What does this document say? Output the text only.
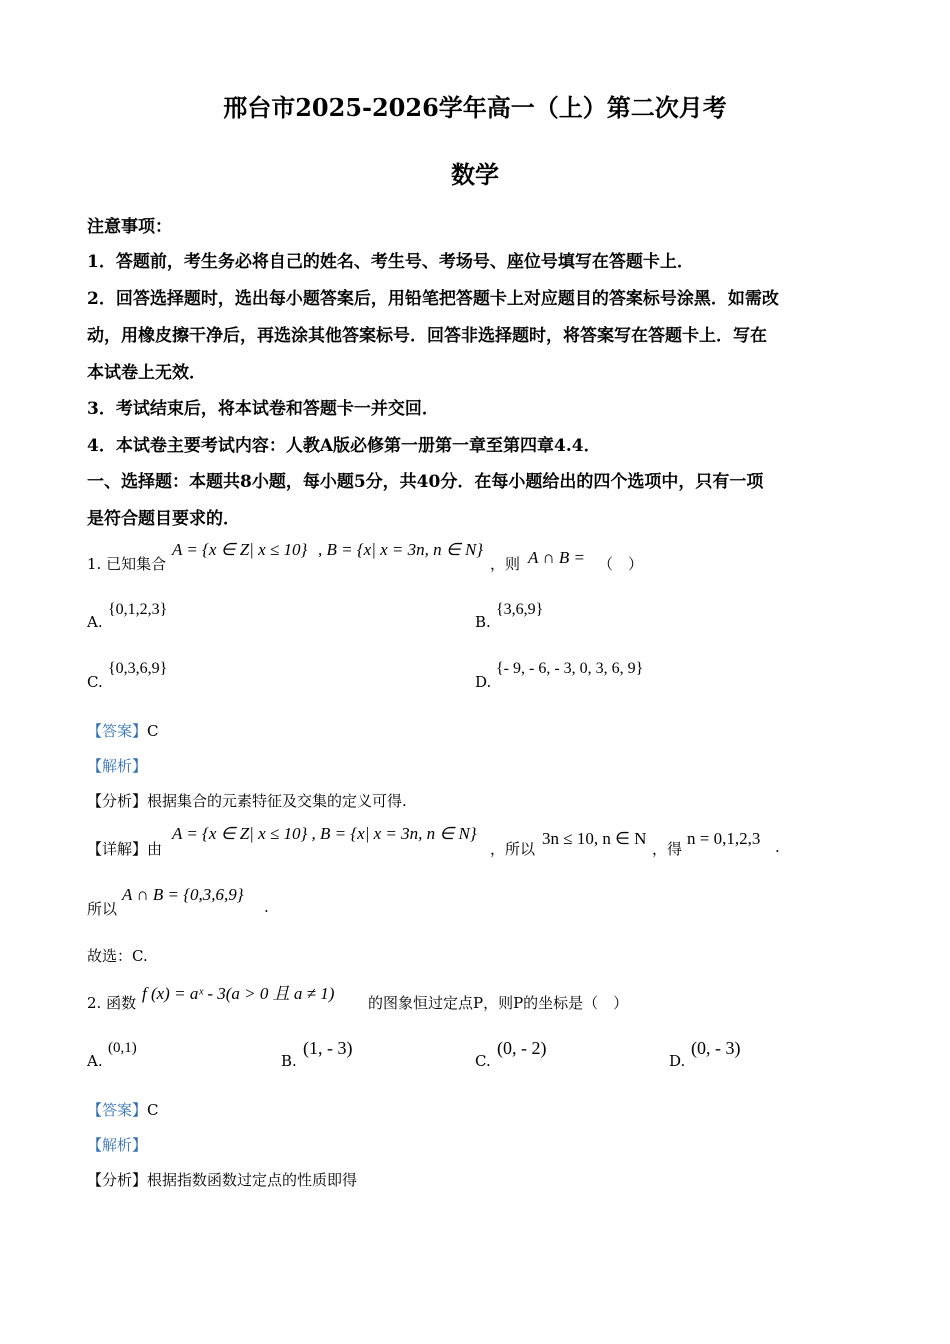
邢台市2025-2026学年高一（上）第二次月考
数学
注意事项：
1．答题前，考生务必将自己的姓名、考生号、考场号、座位号填写在答题卡上．
2．回答选择题时，选出每小题答案后，用铅笔把答题卡上对应题目的答案标号涂黑．如需改
动，用橡皮擦干净后，再选涂其他答案标号．回答非选择题时，将答案写在答题卡上．写在
本试卷上无效．
3．考试结束后，将本试卷和答题卡一并交回．
4．本试卷主要考试内容：人教A版必修第一册第一章至第四章4.4．
一、选择题：本题共8小题，每小题5分，共40分．在每小题给出的四个选项中，只有一项
是符合题目要求的．
1. 已知集合
A = {x ∈ Z| x ≤ 10} , B = {x| x = 3n, n ∈ N}
，则 A ∩ B = （　）
A.
{0,1,2,3}
B.
{3,6,9}
C.
{0,3,6,9}
D.
{- 9, - 6, - 3, 0, 3, 6, 9}
【答案】C
【解析】
【分析】根据集合的元素特征及交集的定义可得.
【详解】由
A = {x ∈ Z| x ≤ 10} , B = {x| x = 3n, n ∈ N}
，所以
3n ≤ 10, n ∈ N
，得
n = 0,1,2,3 .
所以
A ∩ B = {0,3,6,9}
.
故选：C.
2. 函数 f (x) = aˣ - 3(a > 0 且 a ≠ 1) 的图象恒过定点P，则P的坐标是（　）
A.
(0,1)
B.
(1, - 3)
C.
(0, - 2)
D.
(0, - 3)
【答案】C
【解析】
【分析】根据指数函数过定点的性质即得
